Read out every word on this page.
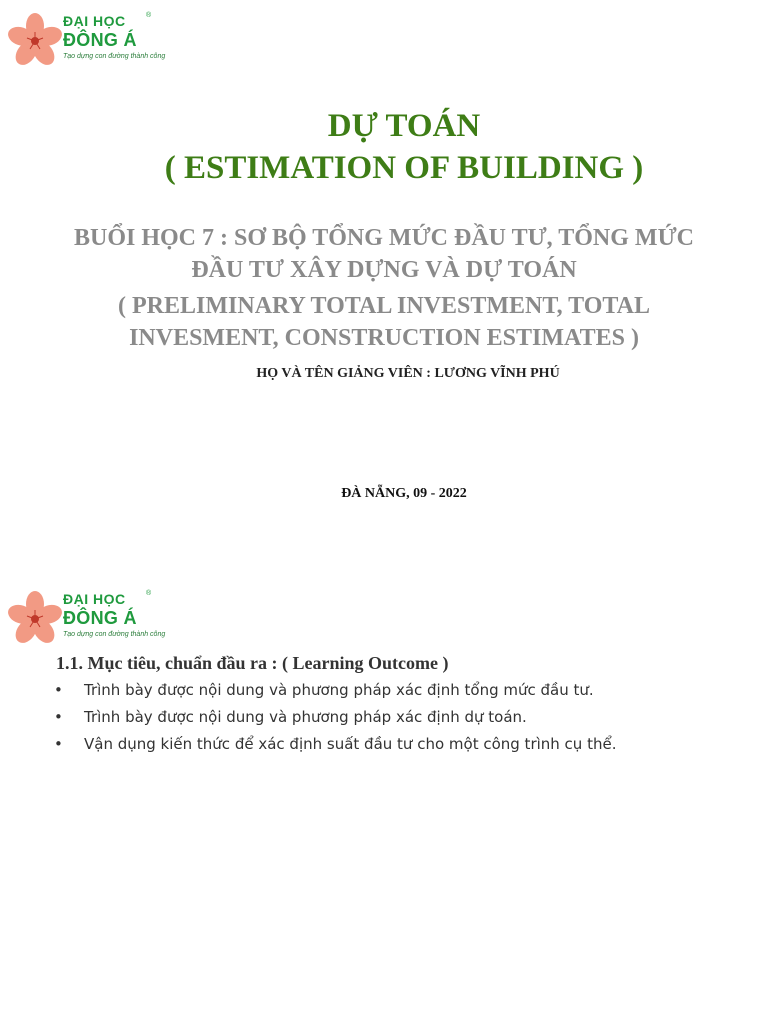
ĐẠI HỌC
ĐÔNG Á
Tạo dựng con đường thành công
®
DỰ TOÁN
( ESTIMATION OF BUILDING )
BUỔI HỌC 7 : SƠ BỘ TỔNG MỨC ĐẦU TƯ, TỔNG MỨC
ĐẦU TƯ XÂY DỰNG VÀ DỰ TOÁN
( PRELIMINARY TOTAL INVESTMENT, TOTAL
INVESMENT, CONSTRUCTION ESTIMATES )
HỌ VÀ TÊN GIẢNG VIÊN : LƯƠNG VĨNH PHÚ
ĐÀ NẴNG, 09 - 2022
ĐẠI HỌC
ĐÔNG Á
Tạo dựng con đường thành công
®
1.1. Mục tiêu, chuẩn đầu ra : ( Learning Outcome )
• Trình bày được nội dung và phương pháp xác định tổng mức đầu tư.
• Trình bày được nội dung và phương pháp xác định dự toán.
• Vận dụng kiến thức để xác định suất đầu tư cho một công trình cụ thể.
